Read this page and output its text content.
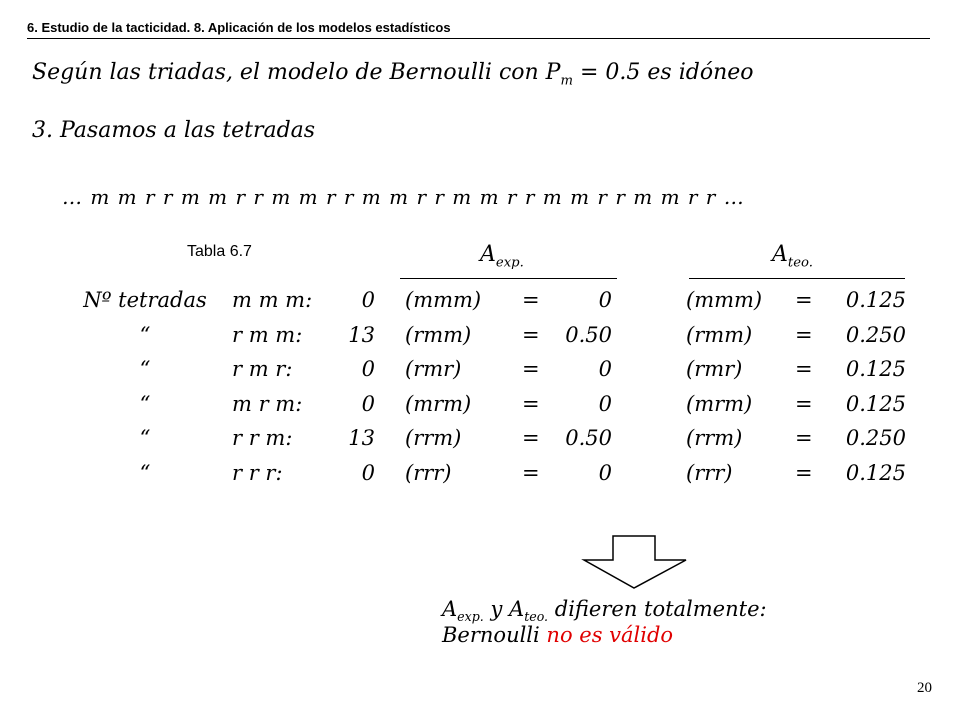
6. Estudio de la tacticidad. 8. Aplicación de los modelos estadísticos
Según las triadas, el modelo de Bernoulli con $P_m = 0.5$ es idóneo
3. Pasamos a las tetradas
… m m r r m m r r m m r r m m r r m m r r m m r r m m r r …
Tabla 6.7	$A_{exp.}$	$A_{teo.}$
Nº tetradas	m m m:	0 (mmm)	=	0	(mmm)	=	0.125
“	r m m:	13 (rmm)	=	0.50	(rmm)	=	0.250
“	r m r:	0 (rmr)	=	0	(rmr)	=	0.125
“	m r m:	0 (mrm)	=	0	(mrm)	=	0.125
“	r r m:	13 (rrm)	=	0.50	(rrm)	=	0.250
“	r r r:	0 (rrr)	=	0	(rrr)	=	0.125
$A_{exp.}$ y $A_{teo.}$ difieren totalmente:
Bernoulli no es válido
20
